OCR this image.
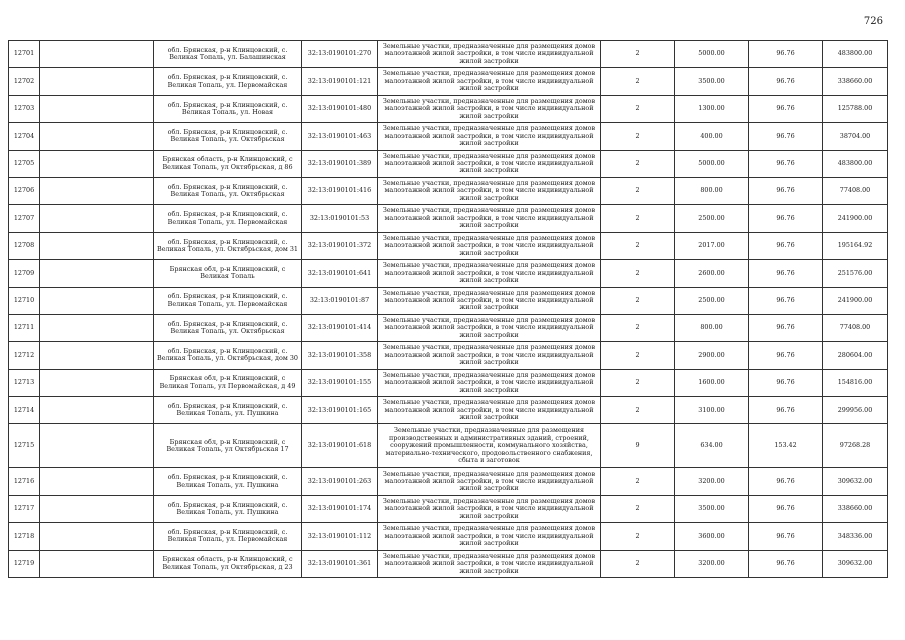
726
12701		обл. Брянская, р-н Клинцовский, с. Великая Топаль, ул. Балашинская	32:13:0190101:270	Земельные участки, предназначенные для размещения домов малоэтажной жилой застройки, в том числе индивидуальной жилой застройки	2	5000.00	96.76	483800.00
12702		обл. Брянская, р-н Клинцовский, с. Великая Топаль, ул. Первомайская	32:13:0190101:121	Земельные участки, предназначенные для размещения домов малоэтажной жилой застройки, в том числе индивидуальной жилой застройки	2	3500.00	96.76	338660.00
12703		обл. Брянская, р-н Клинцовский, с. Великая Топаль, ул. Новая	32:13:0190101:480	Земельные участки, предназначенные для размещения домов малоэтажной жилой застройки, в том числе индивидуальной жилой застройки	2	1300.00	96.76	125788.00
12704		обл. Брянская, р-н Клинцовский, с. Великая Топаль, ул. Октябрьская	32:13:0190101:463	Земельные участки, предназначенные для размещения домов малоэтажной жилой застройки, в том числе индивидуальной жилой застройки	2	400.00	96.76	38704.00
12705		Брянская область, р-н Клинцовский, с Великая Топаль, ул Октябрьская, д 86	32:13:0190101:389	Земельные участки, предназначенные для размещения домов малоэтажной жилой застройки, в том числе индивидуальной жилой застройки	2	5000.00	96.76	483800.00
12706		обл. Брянская, р-н Клинцовский, с. Великая Топаль, ул. Октябрьская	32:13:0190101:416	Земельные участки, предназначенные для размещения домов малоэтажной жилой застройки, в том числе индивидуальной жилой застройки	2	800.00	96.76	77408.00
12707		обл. Брянская, р-н Клинцовский, с. Великая Топаль, ул. Первомайская	32:13:0190101:53	Земельные участки, предназначенные для размещения домов малоэтажной жилой застройки, в том числе индивидуальной жилой застройки	2	2500.00	96.76	241900.00
12708		обл. Брянская, р-н Клинцовский, с. Великая Топаль, ул. Октябрьская, дом 31	32:13:0190101:372	Земельные участки, предназначенные для размещения домов малоэтажной жилой застройки, в том числе индивидуальной жилой застройки	2	2017.00	96.76	195164.92
12709		Брянская обл, р-н Клинцовский, с Великая Топаль	32:13:0190101:641	Земельные участки, предназначенные для размещения домов малоэтажной жилой застройки, в том числе индивидуальной жилой застройки	2	2600.00	96.76	251576.00
12710		обл. Брянская, р-н Клинцовский, с. Великая Топаль, ул. Первомайская	32:13:0190101:87	Земельные участки, предназначенные для размещения домов малоэтажной жилой застройки, в том числе индивидуальной жилой застройки	2	2500.00	96.76	241900.00
12711		обл. Брянская, р-н Клинцовский, с. Великая Топаль, ул. Октябрьская	32:13:0190101:414	Земельные участки, предназначенные для размещения домов малоэтажной жилой застройки, в том числе индивидуальной жилой застройки	2	800.00	96.76	77408.00
12712		обл. Брянская, р-н Клинцовский, с. Великая Топаль, ул. Октябрьская, дом 30	32:13:0190101:358	Земельные участки, предназначенные для размещения домов малоэтажной жилой застройки, в том числе индивидуальной жилой застройки	2	2900.00	96.76	280604.00
12713		Брянская обл, р-н Клинцовский, с Великая Топаль, ул Первомайская, д 49	32:13:0190101:155	Земельные участки, предназначенные для размещения домов малоэтажной жилой застройки, в том числе индивидуальной жилой застройки	2	1600.00	96.76	154816.00
12714		обл. Брянская, р-н Клинцовский, с. Великая Топаль, ул. Пушкина	32:13:0190101:165	Земельные участки, предназначенные для размещения домов малоэтажной жилой застройки, в том числе индивидуальной жилой застройки	2	3100.00	96.76	299956.00
12715		Брянская обл, р-н Клинцовский, с Великая Топаль, ул Октябрьская 17	32:13:0190101:618	Земельные участки, предназначенные для размещения производственных и административных зданий, строений, сооружений промышленности, коммунального хозяйства, материально-технического, продовольственного снабжения, сбыта и заготовок	9	634.00	153.42	97268.28
12716		обл. Брянская, р-н Клинцовский, с. Великая Топаль, ул. Пушкина	32:13:0190101:263	Земельные участки, предназначенные для размещения домов малоэтажной жилой застройки, в том числе индивидуальной жилой застройки	2	3200.00	96.76	309632.00
12717		обл. Брянская, р-н Клинцовский, с. Великая Топаль, ул. Пушкина	32:13:0190101:174	Земельные участки, предназначенные для размещения домов малоэтажной жилой застройки, в том числе индивидуальной жилой застройки	2	3500.00	96.76	338660.00
12718		обл. Брянская, р-н Клинцовский, с. Великая Топаль, ул. Первомайская	32:13:0190101:112	Земельные участки, предназначенные для размещения домов малоэтажной жилой застройки, в том числе индивидуальной жилой застройки	2	3600.00	96.76	348336.00
12719		Брянская область, р-н Клинцовский, с Великая Топаль, ул Октябрьская, д 23	32:13:0190101:361	Земельные участки, предназначенные для размещения домов малоэтажной жилой застройки, в том числе индивидуальной жилой застройки	2	3200.00	96.76	309632.00
